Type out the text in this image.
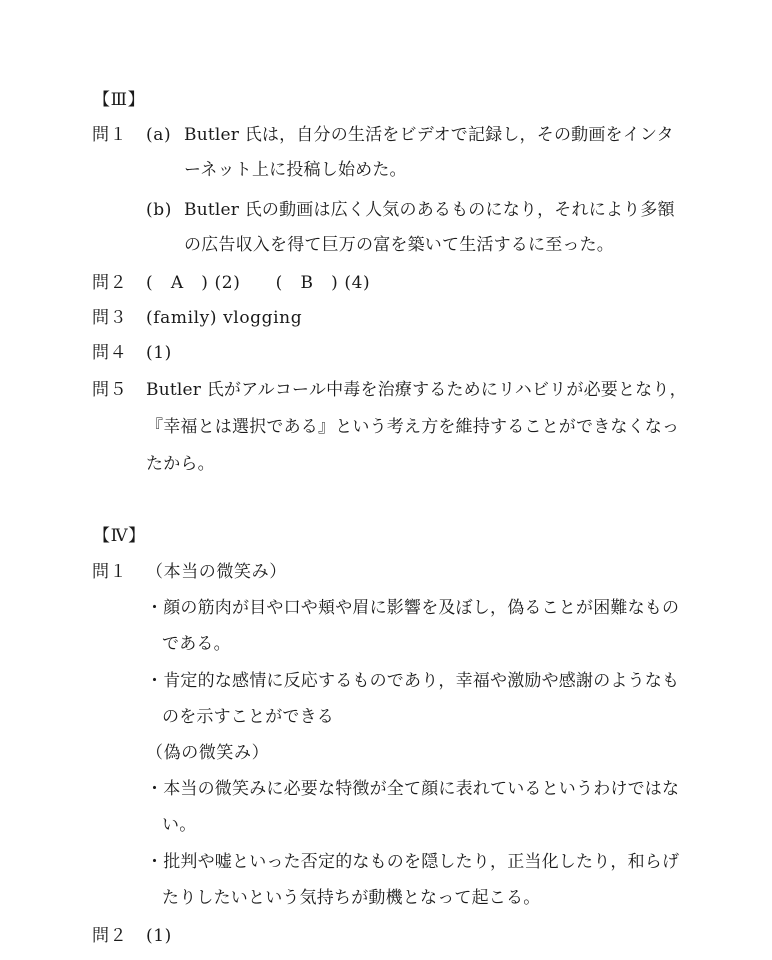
【Ⅲ】
問１ (a) Butler 氏は，自分の生活をビデオで記録し，その動画をインタ
ーネット上に投稿し始めた。
(b) Butler 氏の動画は広く人気のあるものになり，それにより多額
の広告収入を得て巨万の富を築いて生活するに至った。
問２ (　A　) (2)　　(　B　) (4)
問３ (family) vlogging
問４ (1)
問５ Butler 氏がアルコール中毒を治療するためにリハビリが必要となり，
『幸福とは選択である』という考え方を維持することができなくなっ
たから。
【Ⅳ】
問１ （本当の微笑み）
・顔の筋肉が目や口や頬や眉に影響を及ぼし，偽ることが困難なもの
である。
・肯定的な感情に反応するものであり，幸福や激励や感謝のようなも
のを示すことができる
（偽の微笑み）
・本当の微笑みに必要な特徴が全て顔に表れているというわけではな
い。
・批判や嘘といった否定的なものを隠したり，正当化したり，和らげ
たりしたいという気持ちが動機となって起こる。
問２ (1)
